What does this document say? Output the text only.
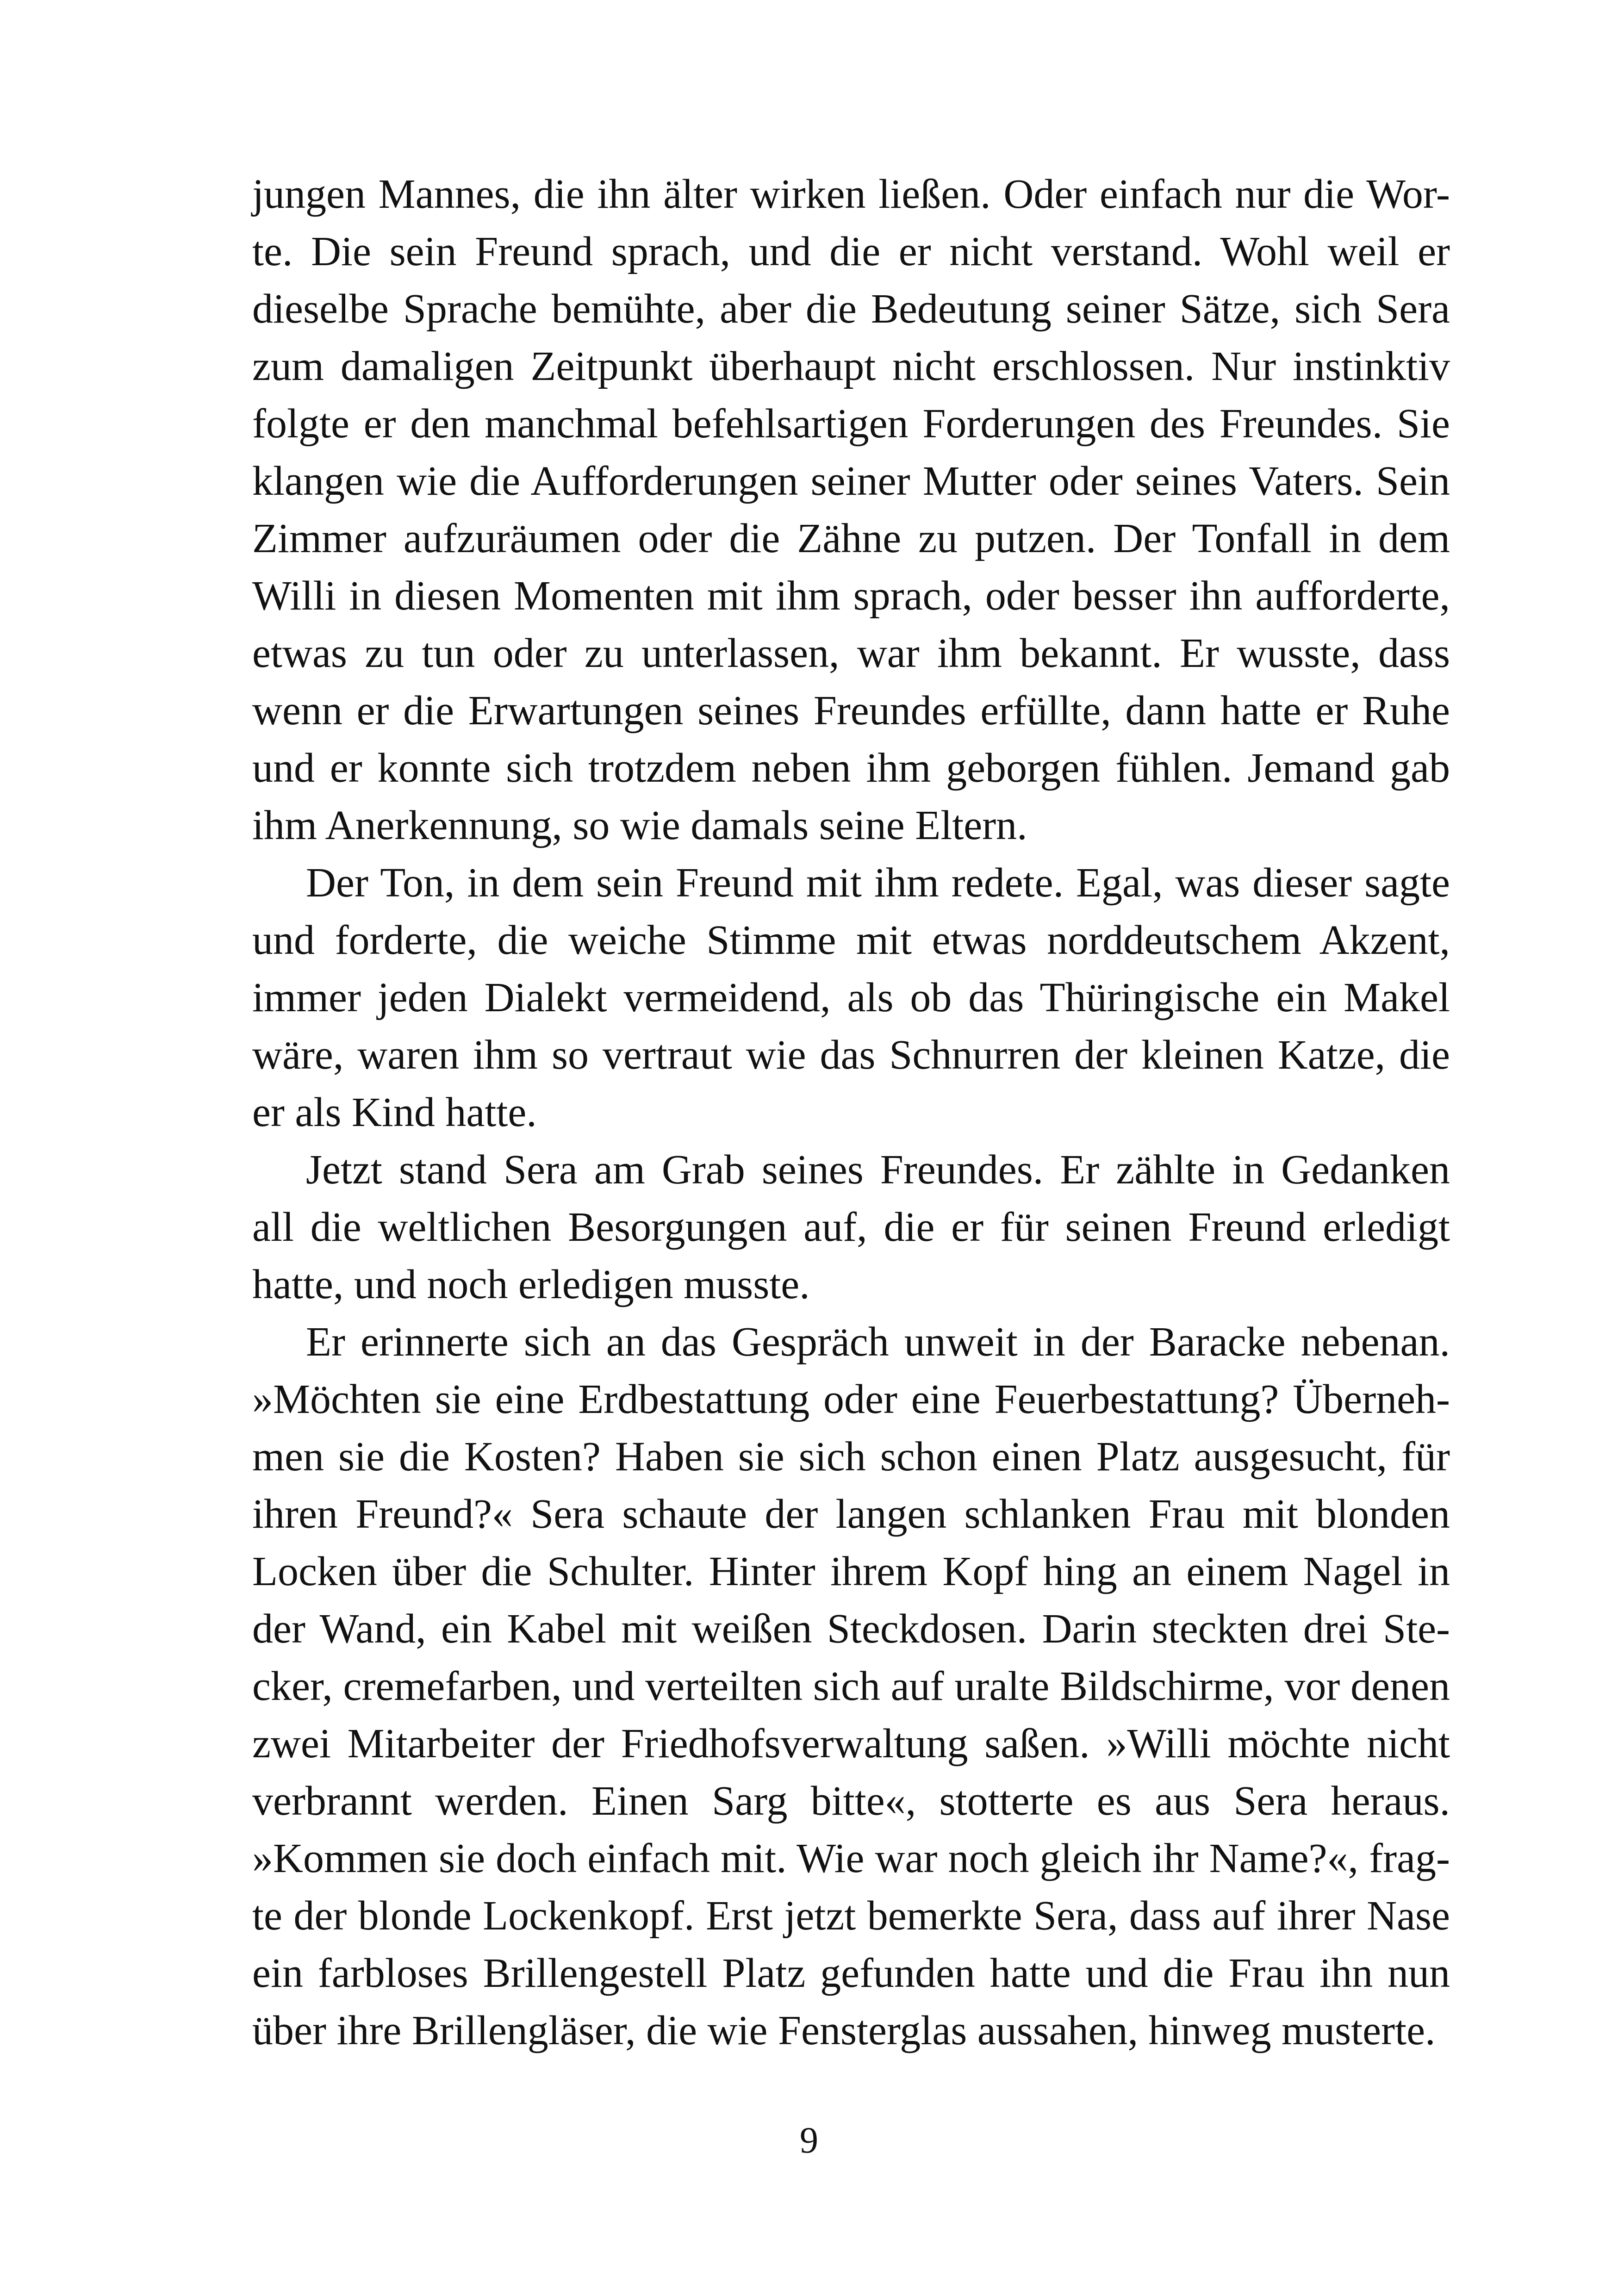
jungen Mannes, die ihn älter wirken ließen. Oder einfach nur die Wor-
te. Die sein Freund sprach, und die er nicht verstand. Wohl weil er
dieselbe Sprache bemühte, aber die Bedeutung seiner Sätze, sich Sera
zum damaligen Zeitpunkt überhaupt nicht erschlossen. Nur instinktiv
folgte er den manchmal befehlsartigen Forderungen des Freundes. Sie
klangen wie die Aufforderungen seiner Mutter oder seines Vaters. Sein
Zimmer aufzuräumen oder die Zähne zu putzen. Der Tonfall in dem
Willi in diesen Momenten mit ihm sprach, oder besser ihn aufforderte,
etwas zu tun oder zu unterlassen, war ihm bekannt. Er wusste, dass
wenn er die Erwartungen seines Freundes erfüllte, dann hatte er Ruhe
und er konnte sich trotzdem neben ihm geborgen fühlen. Jemand gab
ihm Anerkennung, so wie damals seine Eltern.
Der Ton, in dem sein Freund mit ihm redete. Egal, was dieser sagte
und forderte, die weiche Stimme mit etwas norddeutschem Akzent,
immer jeden Dialekt vermeidend, als ob das Thüringische ein Makel
wäre, waren ihm so vertraut wie das Schnurren der kleinen Katze, die
er als Kind hatte.
Jetzt stand Sera am Grab seines Freundes. Er zählte in Gedanken
all die weltlichen Besorgungen auf, die er für seinen Freund erledigt
hatte, und noch erledigen musste.
Er erinnerte sich an das Gespräch unweit in der Baracke nebenan.
»Möchten sie eine Erdbestattung oder eine Feuerbestattung? Überneh-
men sie die Kosten? Haben sie sich schon einen Platz ausgesucht, für
ihren Freund?« Sera schaute der langen schlanken Frau mit blonden
Locken über die Schulter. Hinter ihrem Kopf hing an einem Nagel in
der Wand, ein Kabel mit weißen Steckdosen. Darin steckten drei Ste-
cker, cremefarben, und verteilten sich auf uralte Bildschirme, vor denen
zwei Mitarbeiter der Friedhofsverwaltung saßen. »Willi möchte nicht
verbrannt werden. Einen Sarg bitte«, stotterte es aus Sera heraus.
»Kommen sie doch einfach mit. Wie war noch gleich ihr Name?«, frag-
te der blonde Lockenkopf. Erst jetzt bemerkte Sera, dass auf ihrer Nase
ein farbloses Brillengestell Platz gefunden hatte und die Frau ihn nun
über ihre Brillengläser, die wie Fensterglas aussahen, hinweg musterte.
9
